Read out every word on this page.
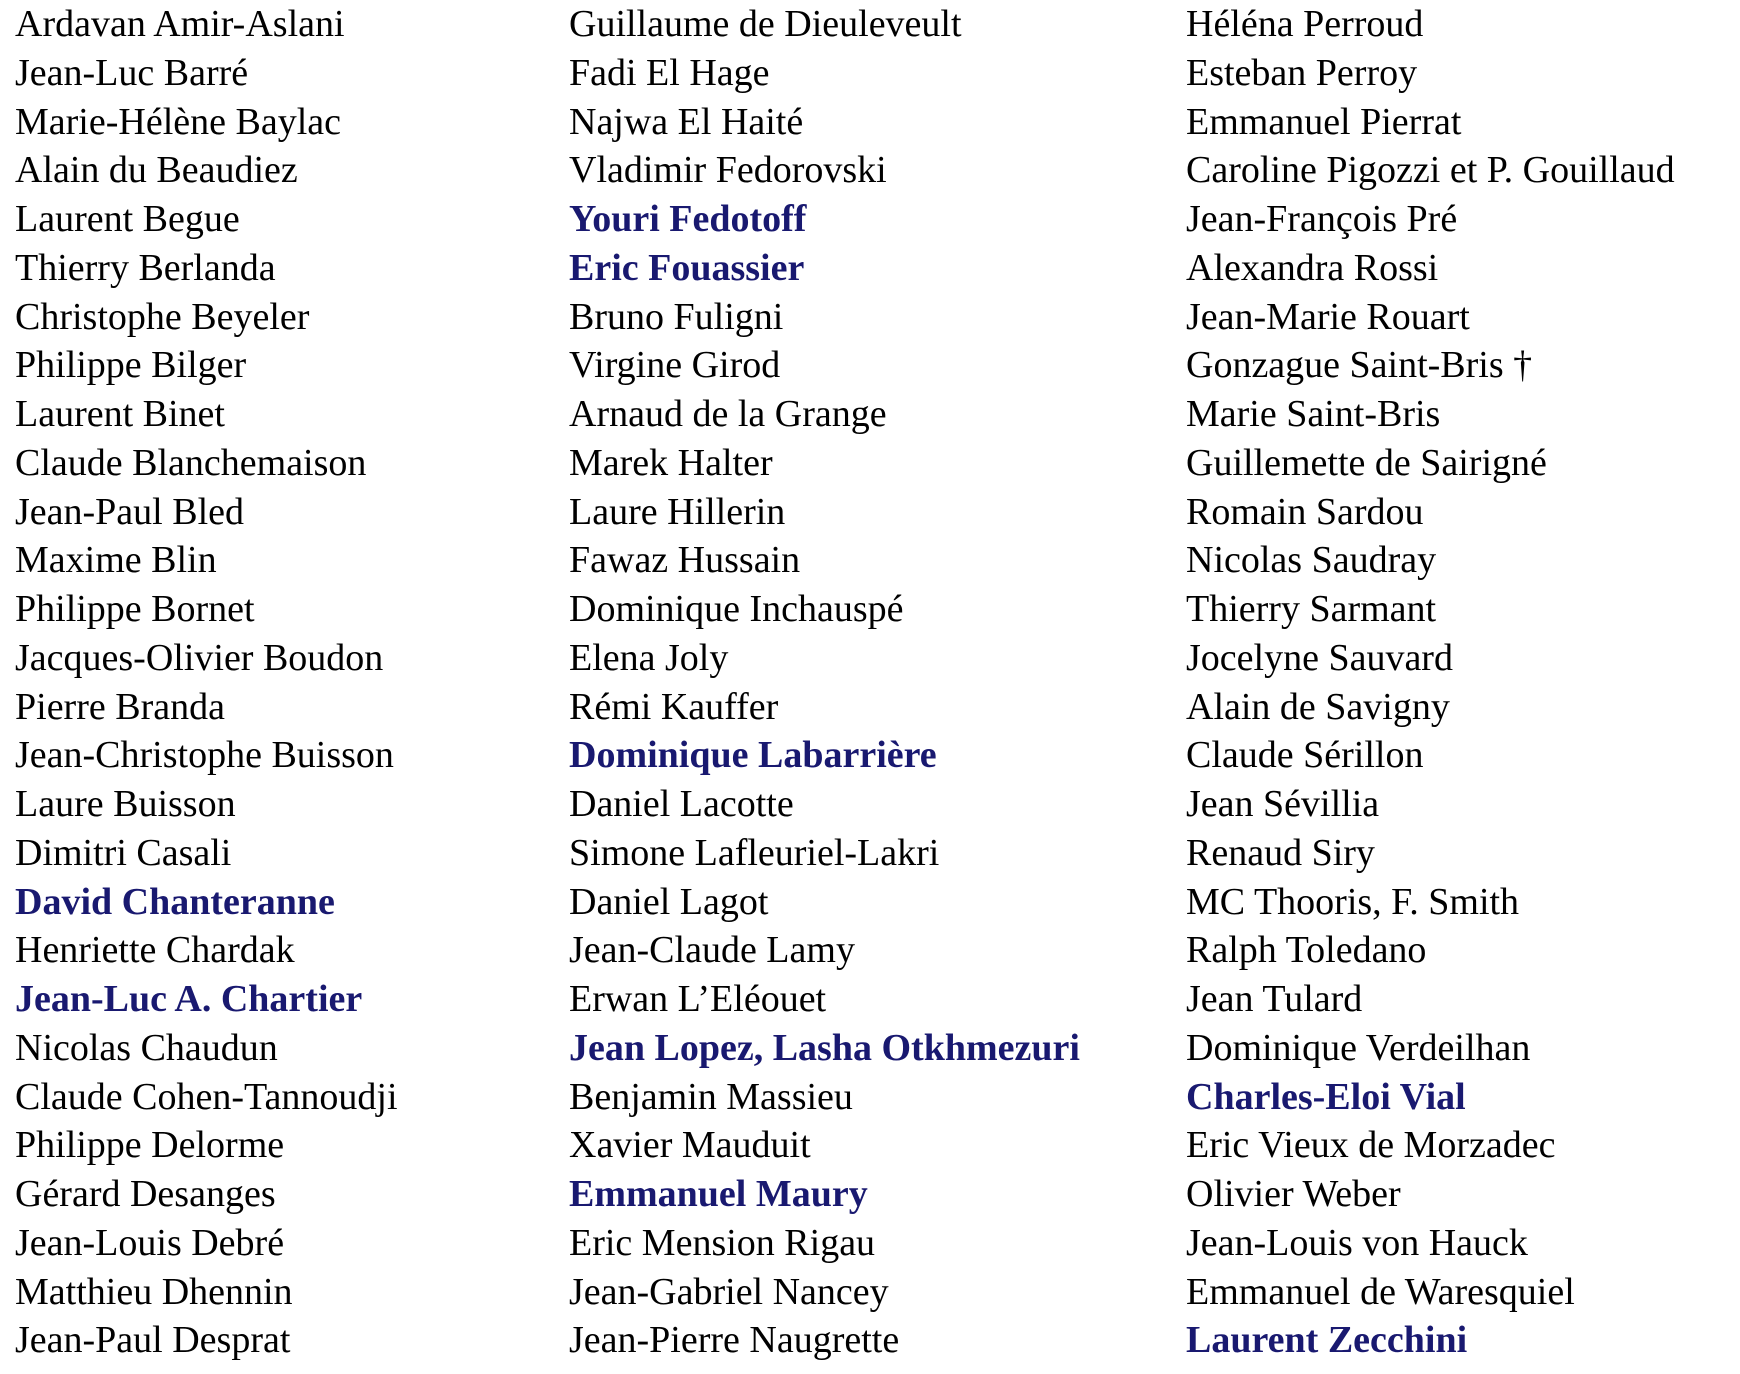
Ardavan Amir-Aslani
Jean-Luc Barré
Marie-Hélène Baylac
Alain du Beaudiez
Laurent Begue
Thierry Berlanda
Christophe Beyeler
Philippe Bilger
Laurent Binet
Claude Blanchemaison
Jean-Paul Bled
Maxime Blin
Philippe Bornet
Jacques-Olivier Boudon
Pierre Branda
Jean-Christophe Buisson
Laure Buisson
Dimitri Casali
David Chanteranne
Henriette Chardak
Jean-Luc A. Chartier
Nicolas Chaudun
Claude Cohen-Tannoudji
Philippe Delorme
Gérard Desanges
Jean-Louis Debré
Matthieu Dhennin
Jean-Paul Desprat
Guillaume de Dieuleveult
Fadi El Hage
Najwa El Haité
Vladimir Fedorovski
Youri Fedotoff
Eric Fouassier
Bruno Fuligni
Virgine Girod
Arnaud de la Grange
Marek Halter
Laure Hillerin
Fawaz Hussain
Dominique Inchauspé
Elena Joly
Rémi Kauffer
Dominique Labarrière
Daniel Lacotte
Simone Lafleuriel-Lakri
Daniel Lagot
Jean-Claude Lamy
Erwan L’Eléouet
Jean Lopez, Lasha Otkhmezuri
Benjamin Massieu
Xavier Mauduit
Emmanuel Maury
Eric Mension Rigau
Jean-Gabriel Nancey
Jean-Pierre Naugrette
Héléna Perroud
Esteban Perroy
Emmanuel Pierrat
Caroline Pigozzi et P. Gouillaud
Jean-François Pré
Alexandra Rossi
Jean-Marie Rouart
Gonzague Saint-Bris †
Marie Saint-Bris
Guillemette de Sairigné
Romain Sardou
Nicolas Saudray
Thierry Sarmant
Jocelyne Sauvard
Alain de Savigny
Claude Sérillon
Jean Sévillia
Renaud Siry
MC Thooris, F. Smith
Ralph Toledano
Jean Tulard
Dominique Verdeilhan
Charles-Eloi Vial
Eric Vieux de Morzadec
Olivier Weber
Jean-Louis von Hauck
Emmanuel de Waresquiel
Laurent Zecchini
